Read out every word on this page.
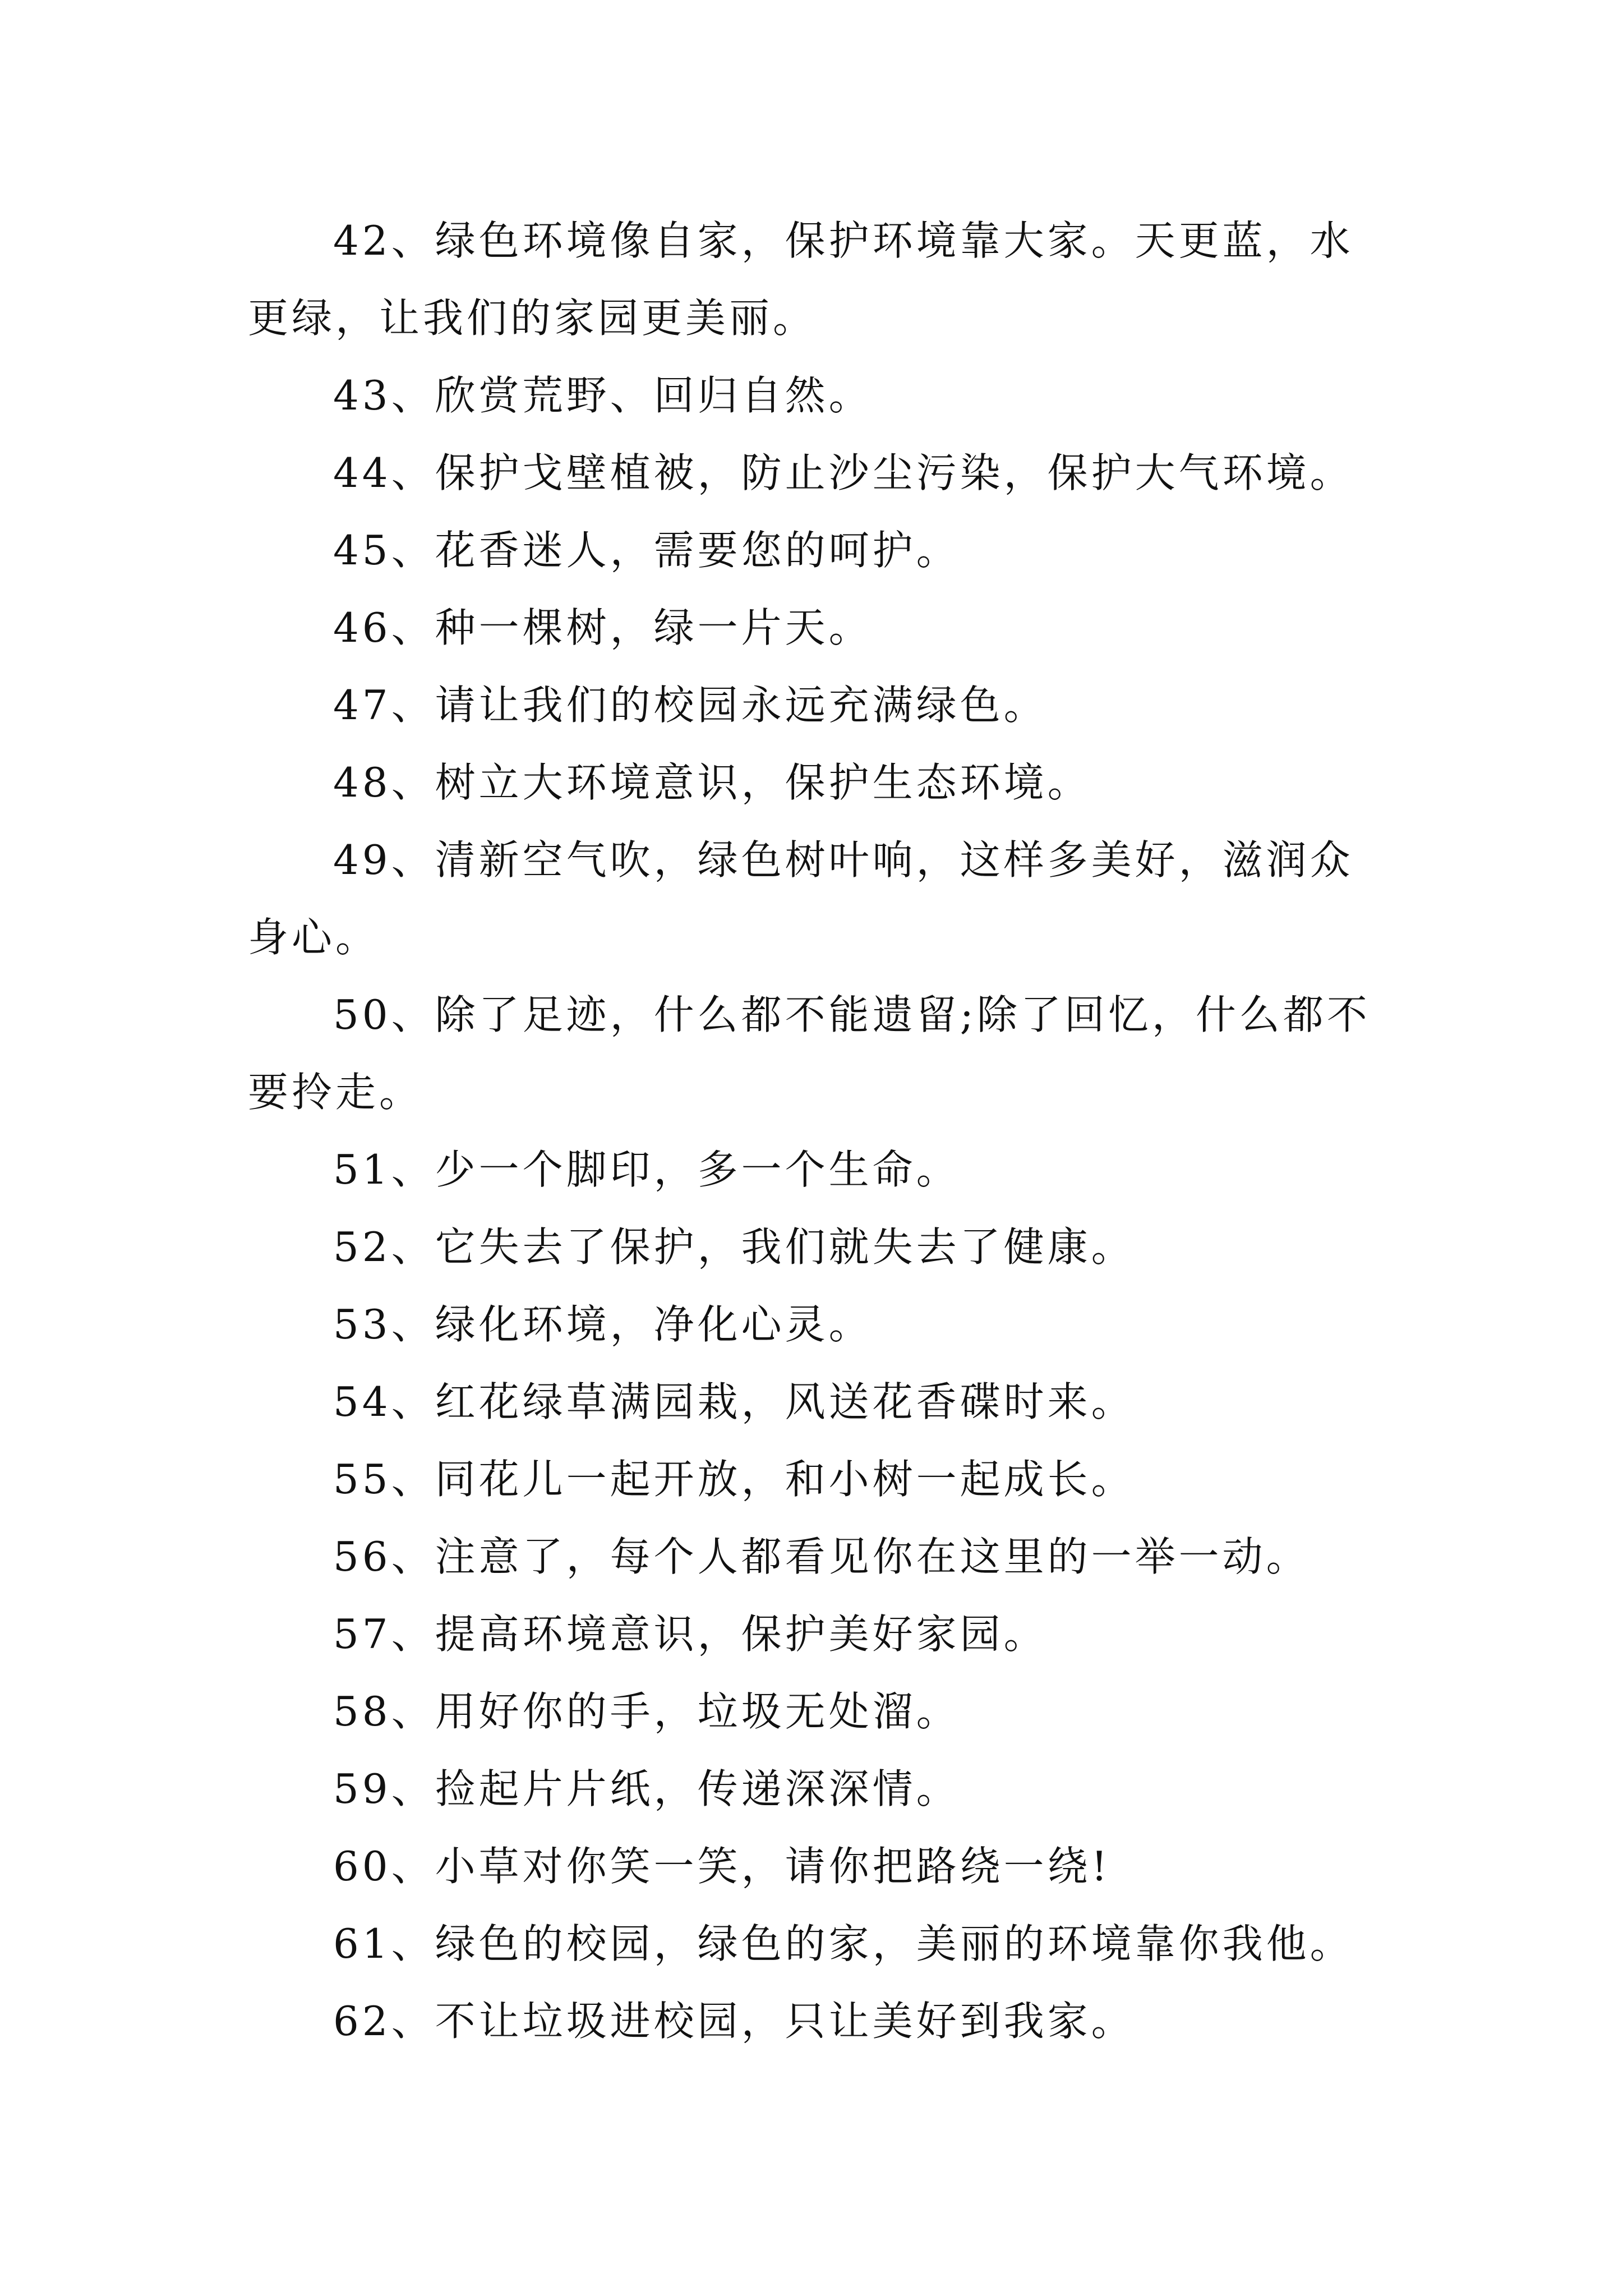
42、绿色环境像自家，保护环境靠大家。天更蓝，水更绿，让我们的家园更美丽。

43、欣赏荒野、回归自然。

44、保护戈壁植被，防止沙尘污染，保护大气环境。

45、花香迷人，需要您的呵护。

46、种一棵树，绿一片天。

47、请让我们的校园永远充满绿色。

48、树立大环境意识，保护生态环境。

49、清新空气吹，绿色树叶响，这样多美好，滋润众身心。

50、除了足迹，什么都不能遗留;除了回忆，什么都不要拎走。

51、少一个脚印，多一个生命。

52、它失去了保护，我们就失去了健康。

53、绿化环境，净化心灵。

54、红花绿草满园栽，风送花香碟时来。

55、同花儿一起开放，和小树一起成长。

56、注意了，每个人都看见你在这里的一举一动。

57、提高环境意识，保护美好家园。

58、用好你的手，垃圾无处溜。

59、捡起片片纸，传递深深情。

60、小草对你笑一笑，请你把路绕一绕!

61、绿色的校园，绿色的家，美丽的环境靠你我他。

62、不让垃圾进校园，只让美好到我家。
